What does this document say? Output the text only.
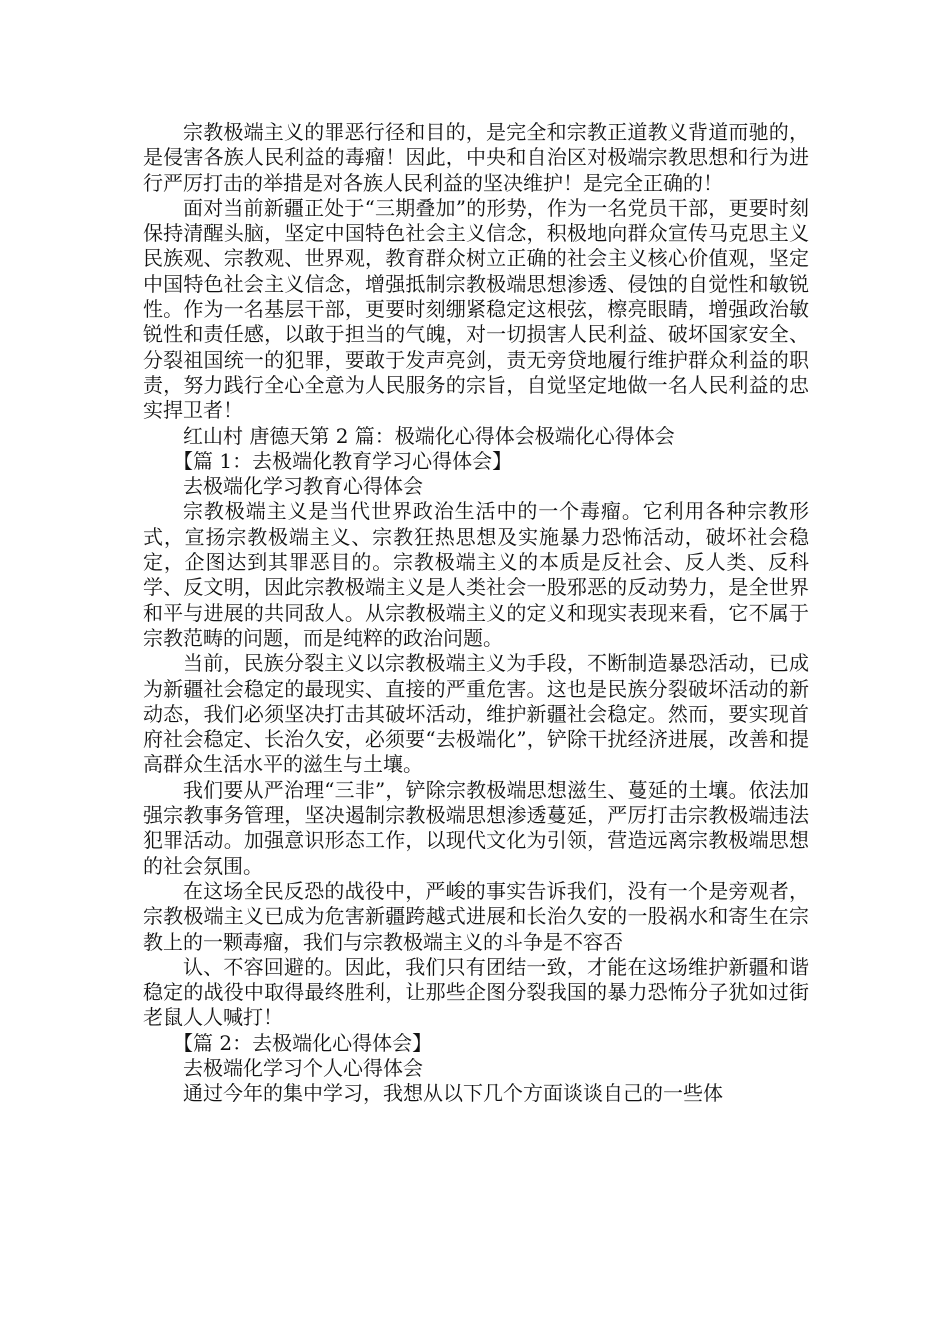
宗教极端主义的罪恶行径和目的，是完全和宗教正道教义背道而驰的，是侵害各族人民利益的毒瘤！因此，中央和自治区对极端宗教思想和行为进行严厉打击的举措是对各族人民利益的坚决维护！是完全正确的！

面对当前新疆正处于“三期叠加”的形势，作为一名党员干部，更要时刻保持清醒头脑，坚定中国特色社会主义信念，积极地向群众宣传马克思主义民族观、宗教观、世界观，教育群众树立正确的社会主义核心价值观，坚定中国特色社会主义信念，增强抵制宗教极端思想渗透、侵蚀的自觉性和敏锐性。作为一名基层干部，更要时刻绷紧稳定这根弦，檫亮眼睛，增强政治敏锐性和责任感，以敢于担当的气魄，对一切损害人民利益、破坏国家安全、分裂祖国统一的犯罪，要敢于发声亮剑，责无旁贷地履行维护群众利益的职责，努力践行全心全意为人民服务的宗旨，自觉坚定地做一名人民利益的忠实捍卫者！

红山村 唐德天第 2 篇：极端化心得体会极端化心得体会

【篇 1：去极端化教育学习心得体会】

去极端化学习教育心得体会

宗教极端主义是当代世界政治生活中的一个毒瘤。它利用各种宗教形式，宣扬宗教极端主义、宗教狂热思想及实施暴力恐怖活动，破坏社会稳定，企图达到其罪恶目的。宗教极端主义的本质是反社会、反人类、反科学、反文明，因此宗教极端主义是人类社会一股邪恶的反动势力，是全世界和平与进展的共同敌人。从宗教极端主义的定义和现实表现来看，它不属于宗教范畴的问题，而是纯粹的政治问题。

当前，民族分裂主义以宗教极端主义为手段，不断制造暴恐活动，已成为新疆社会稳定的最现实、直接的严重危害。这也是民族分裂破坏活动的新动态，我们必须坚决打击其破坏活动，维护新疆社会稳定。然而，要实现首府社会稳定、长治久安，必须要“去极端化”，铲除干扰经济进展，改善和提高群众生活水平的滋生与土壤。

我们要从严治理“三非”，铲除宗教极端思想滋生、蔓延的土壤。依法加强宗教事务管理，坚决遏制宗教极端思想渗透蔓延，严厉打击宗教极端违法犯罪活动。加强意识形态工作，以现代文化为引领，营造远离宗教极端思想的社会氛围。

在这场全民反恐的战役中，严峻的事实告诉我们，没有一个是旁观者，宗教极端主义已成为危害新疆跨越式进展和长治久安的一股祸水和寄生在宗教上的一颗毒瘤，我们与宗教极端主义的斗争是不容否

认、不容回避的。因此，我们只有团结一致，才能在这场维护新疆和谐稳定的战役中取得最终胜利，让那些企图分裂我国的暴力恐怖分子犹如过街老鼠人人喊打！

【篇 2：去极端化心得体会】

去极端化学习个人心得体会

通过今年的集中学习，我想从以下几个方面谈谈自己的一些体
